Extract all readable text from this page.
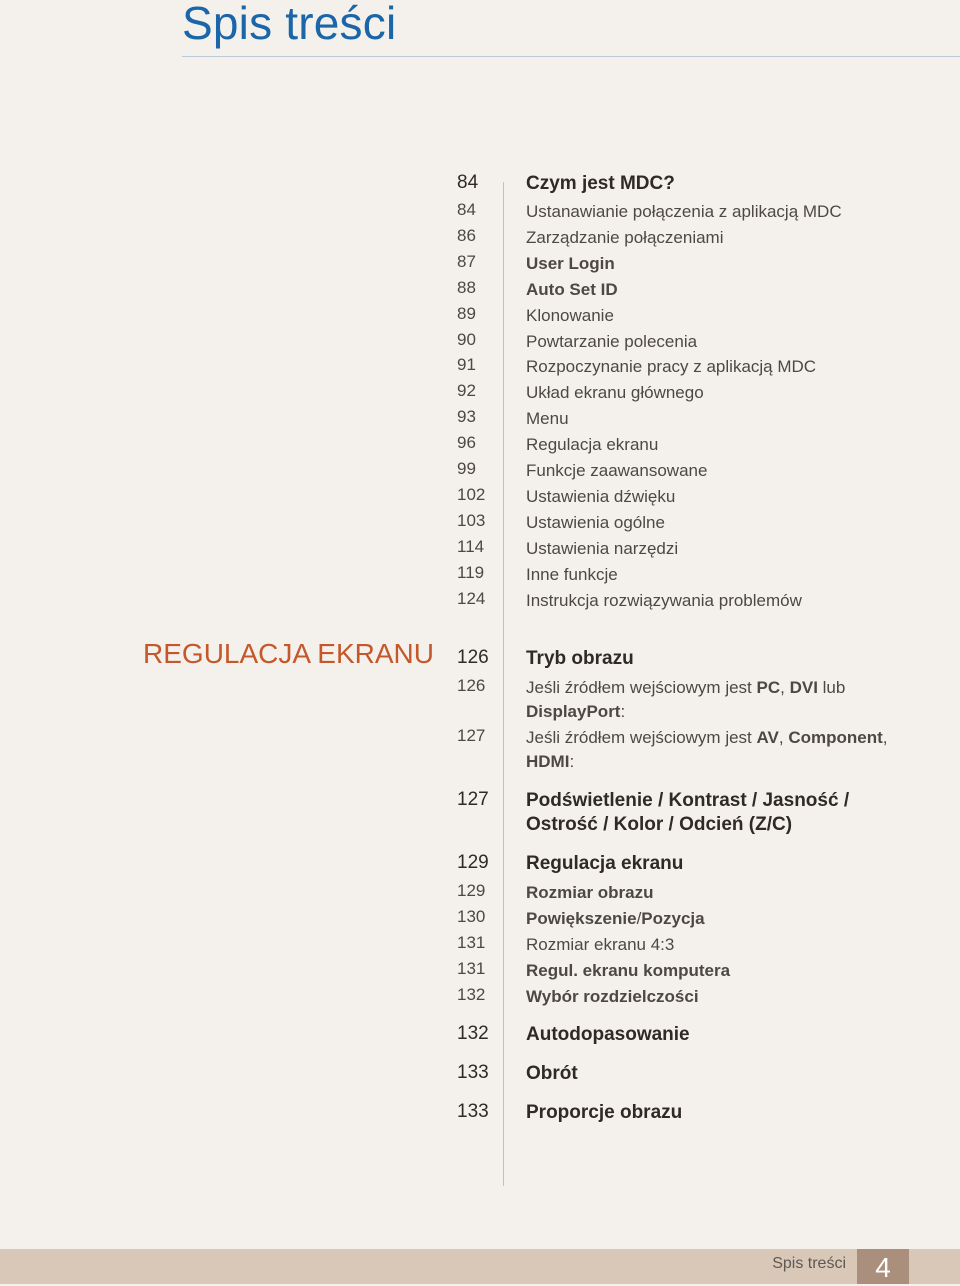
Spis treści
REGULACJA EKRANU
84	Czym jest MDC?
84	Ustanawianie połączenia z aplikacją MDC
86	Zarządzanie połączeniami
87	User Login
88	Auto Set ID
89	Klonowanie
90	Powtarzanie polecenia
91	Rozpoczynanie pracy z aplikacją MDC
92	Układ ekranu głównego
93	Menu
96	Regulacja ekranu
99	Funkcje zaawansowane
102 Ustawienia dźwięku
103 Ustawienia ogólne
114 Ustawienia narzędzi
119 Inne funkcje
124 Instrukcja rozwiązywania problemów
126 Tryb obrazu
126 Jeśli źródłem wejściowym jest PC, DVI lub
DisplayPort:
127 Jeśli źródłem wejściowym jest AV, Component,
HDMI:
127 Podświetlenie / Kontrast / Jasność /
Ostrość / Kolor / Odcień (Z/C)
129 Regulacja ekranu
129 Rozmiar obrazu
130 Powiększenie/Pozycja
131 Rozmiar ekranu 4:3
131 Regul. ekranu komputera
132 Wybór rozdzielczości
132 Autodopasowanie
133 Obrót
133 Proporcje obrazu
Spis treści	4
